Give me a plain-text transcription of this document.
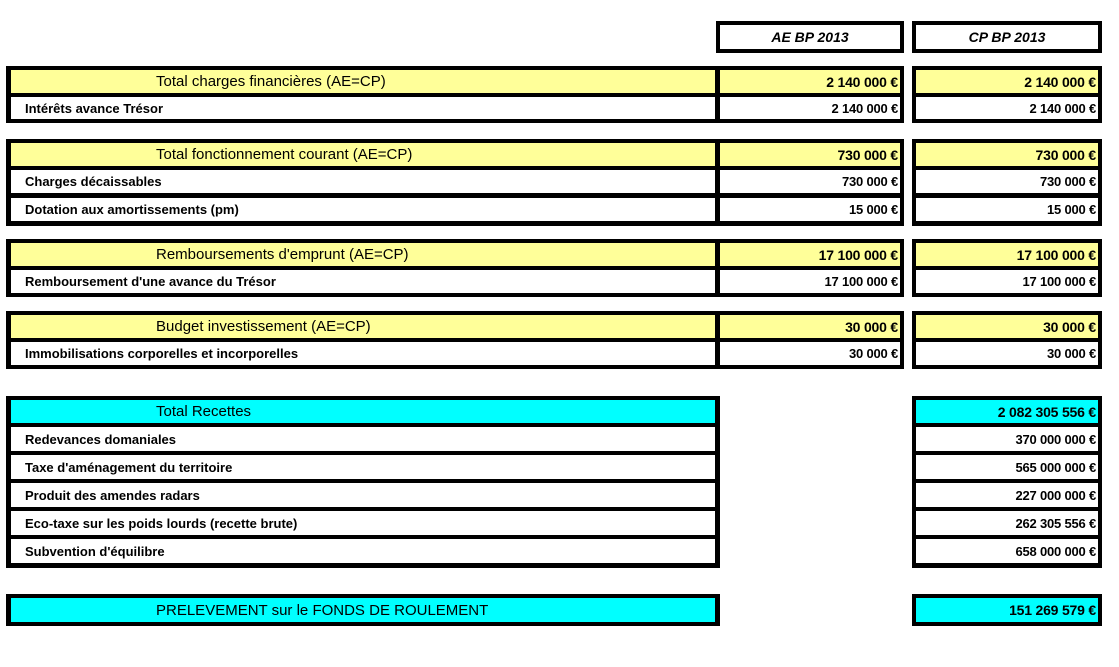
AE BP 2013	CP BP 2013
Total charges financières (AE=CP)
Intérêts avance Trésor
2 140 000 €
2 140 000 €
2 140 000 €
2 140 000 €
Total fonctionnement courant (AE=CP)
Charges décaissables
Dotation aux amortissements (pm)
730 000 €
730 000 €
15 000 €
730 000 €
730 000 €
15 000 €
Remboursements d'emprunt (AE=CP)
Remboursement d'une avance du Trésor
17 100 000 €
17 100 000 €
17 100 000 €
17 100 000 €
Budget investissement (AE=CP)
Immobilisations corporelles et incorporelles
30 000 €
30 000 €
30 000 €
30 000 €
Total Recettes
Redevances domaniales
Taxe d'aménagement du territoire
Produit des amendes radars
Eco-taxe sur les poids lourds (recette brute)
Subvention d'équilibre
2 082 305 556 €
370 000 000 €
565 000 000 €
227 000 000 €
262 305 556 €
658 000 000 €
PRELEVEMENT sur le FONDS DE ROULEMENT	151 269 579 €
